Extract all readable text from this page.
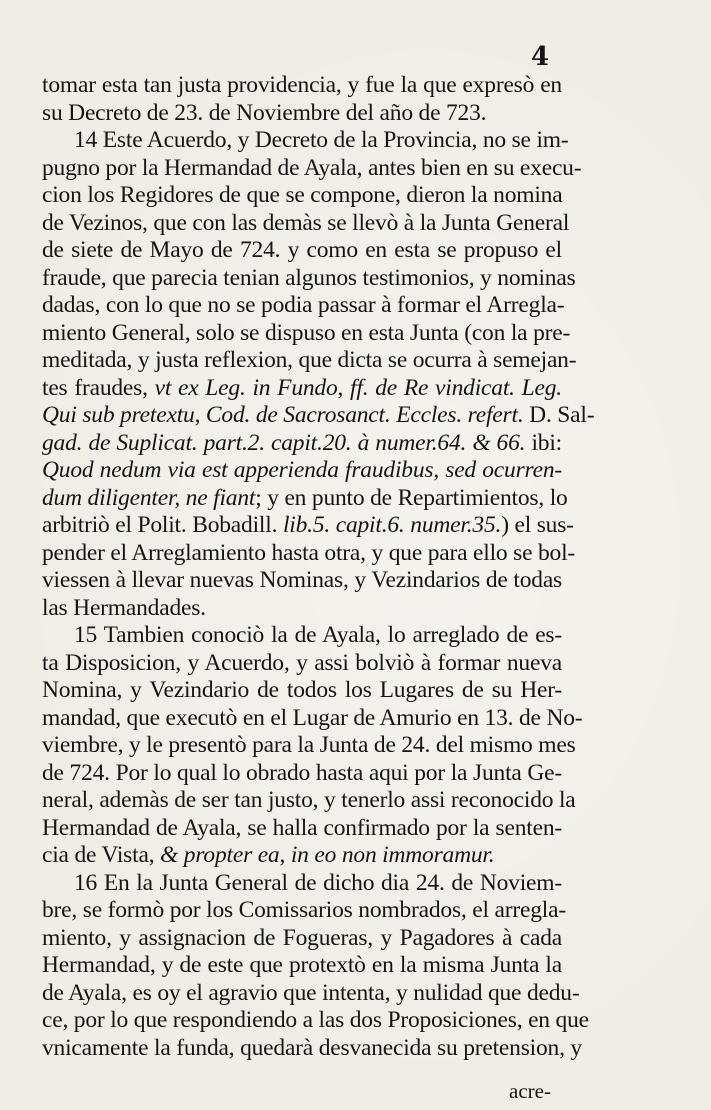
4
tomar esta tan justa providencia, y fue la que expresò en
su Decreto de 23. de Noviembre del año de 723.
14 Este Acuerdo, y Decreto de la Provincia, no se im-
pugno por la Hermandad de Ayala, antes bien en su execu-
cion los Regidores de que se compone, dieron la nomina
de Vezinos, que con las demàs se llevò à la Junta General
de siete de Mayo de 724. y como en esta se propuso el
fraude, que parecia tenian algunos testimonios, y nominas
dadas, con lo que no se podia passar à formar el Arregla-
miento General, solo se dispuso en esta Junta (con la pre-
meditada, y justa reflexion, que dicta se ocurra à semejan-
tes fraudes, vt ex Leg. in Fundo, ff. de Re vindicat. Leg.
Qui sub pretextu, Cod. de Sacrosanct. Eccles. refert. D. Sal-
gad. de Suplicat. part.2. capit.20. à numer.64. & 66. ibi:
Quod nedum via est apperienda fraudibus, sed ocurren-
dum diligenter, ne fiant; y en punto de Repartimientos, lo
arbitriò el Polit. Bobadill. lib.5. capit.6. numer.35.) el sus-
pender el Arreglamiento hasta otra, y que para ello se bol-
viessen à llevar nuevas Nominas, y Vezindarios de todas
las Hermandades.
15 Tambien conociò la de Ayala, lo arreglado de es-
ta Disposicion, y Acuerdo, y assi bolviò à formar nueva
Nomina, y Vezindario de todos los Lugares de su Her-
mandad, que executò en el Lugar de Amurio en 13. de No-
viembre, y le presentò para la Junta de 24. del mismo mes
de 724. Por lo qual lo obrado hasta aqui por la Junta Ge-
neral, ademàs de ser tan justo, y tenerlo assi reconocido la
Hermandad de Ayala, se halla confirmado por la senten-
cia de Vista, & propter ea, in eo non immoramur.
16 En la Junta General de dicho dia 24. de Noviem-
bre, se formò por los Comissarios nombrados, el arregla-
miento, y assignacion de Fogueras, y Pagadores à cada
Hermandad, y de este que protextò en la misma Junta la
de Ayala, es oy el agravio que intenta, y nulidad que dedu-
ce, por lo que respondiendo a las dos Proposiciones, en que
vnicamente la funda, quedarà desvanecida su pretension, y
acre-
